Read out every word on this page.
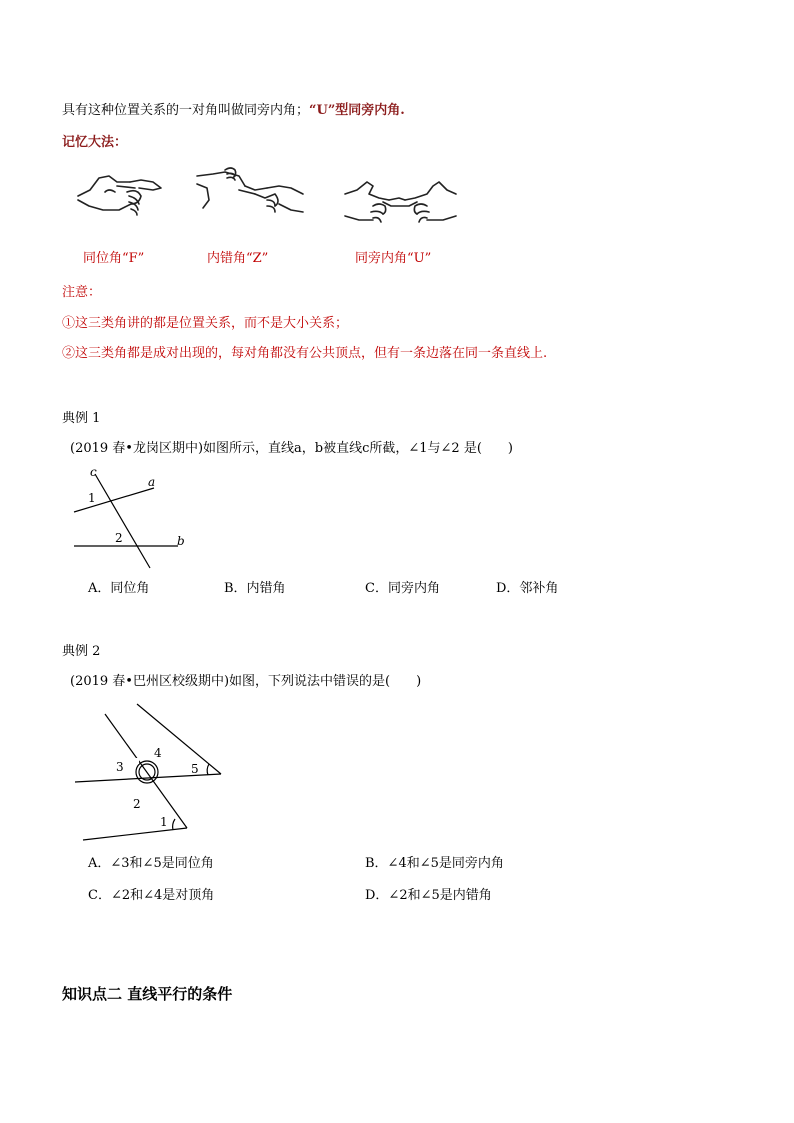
具有这种位置关系的一对角叫做同旁内角；“U”型同旁内角.
记忆大法：
同位角“F”	内错角“Z”	同旁内角“U”
注意：
①这三类角讲的都是位置关系，而不是大小关系；
②这三类角都是成对出现的，每对角都没有公共顶点，但有一条边落在同一条直线上.
典例 1
(2019 春•龙岗区期中)如图所示，直线a，b被直线c所截，∠1与∠2 是(　　)
c
a
b
1
2
A．同位角	B．内错角	C．同旁内角	D．邻补角
典例 2
(2019 春•巴州区校级期中)如图，下列说法中错误的是(　　)
4
3	5
2
1
A．∠3和∠5是同位角	B．∠4和∠5是同旁内角
C．∠2和∠4是对顶角	D．∠2和∠5是内错角
知识点二 直线平行的条件
